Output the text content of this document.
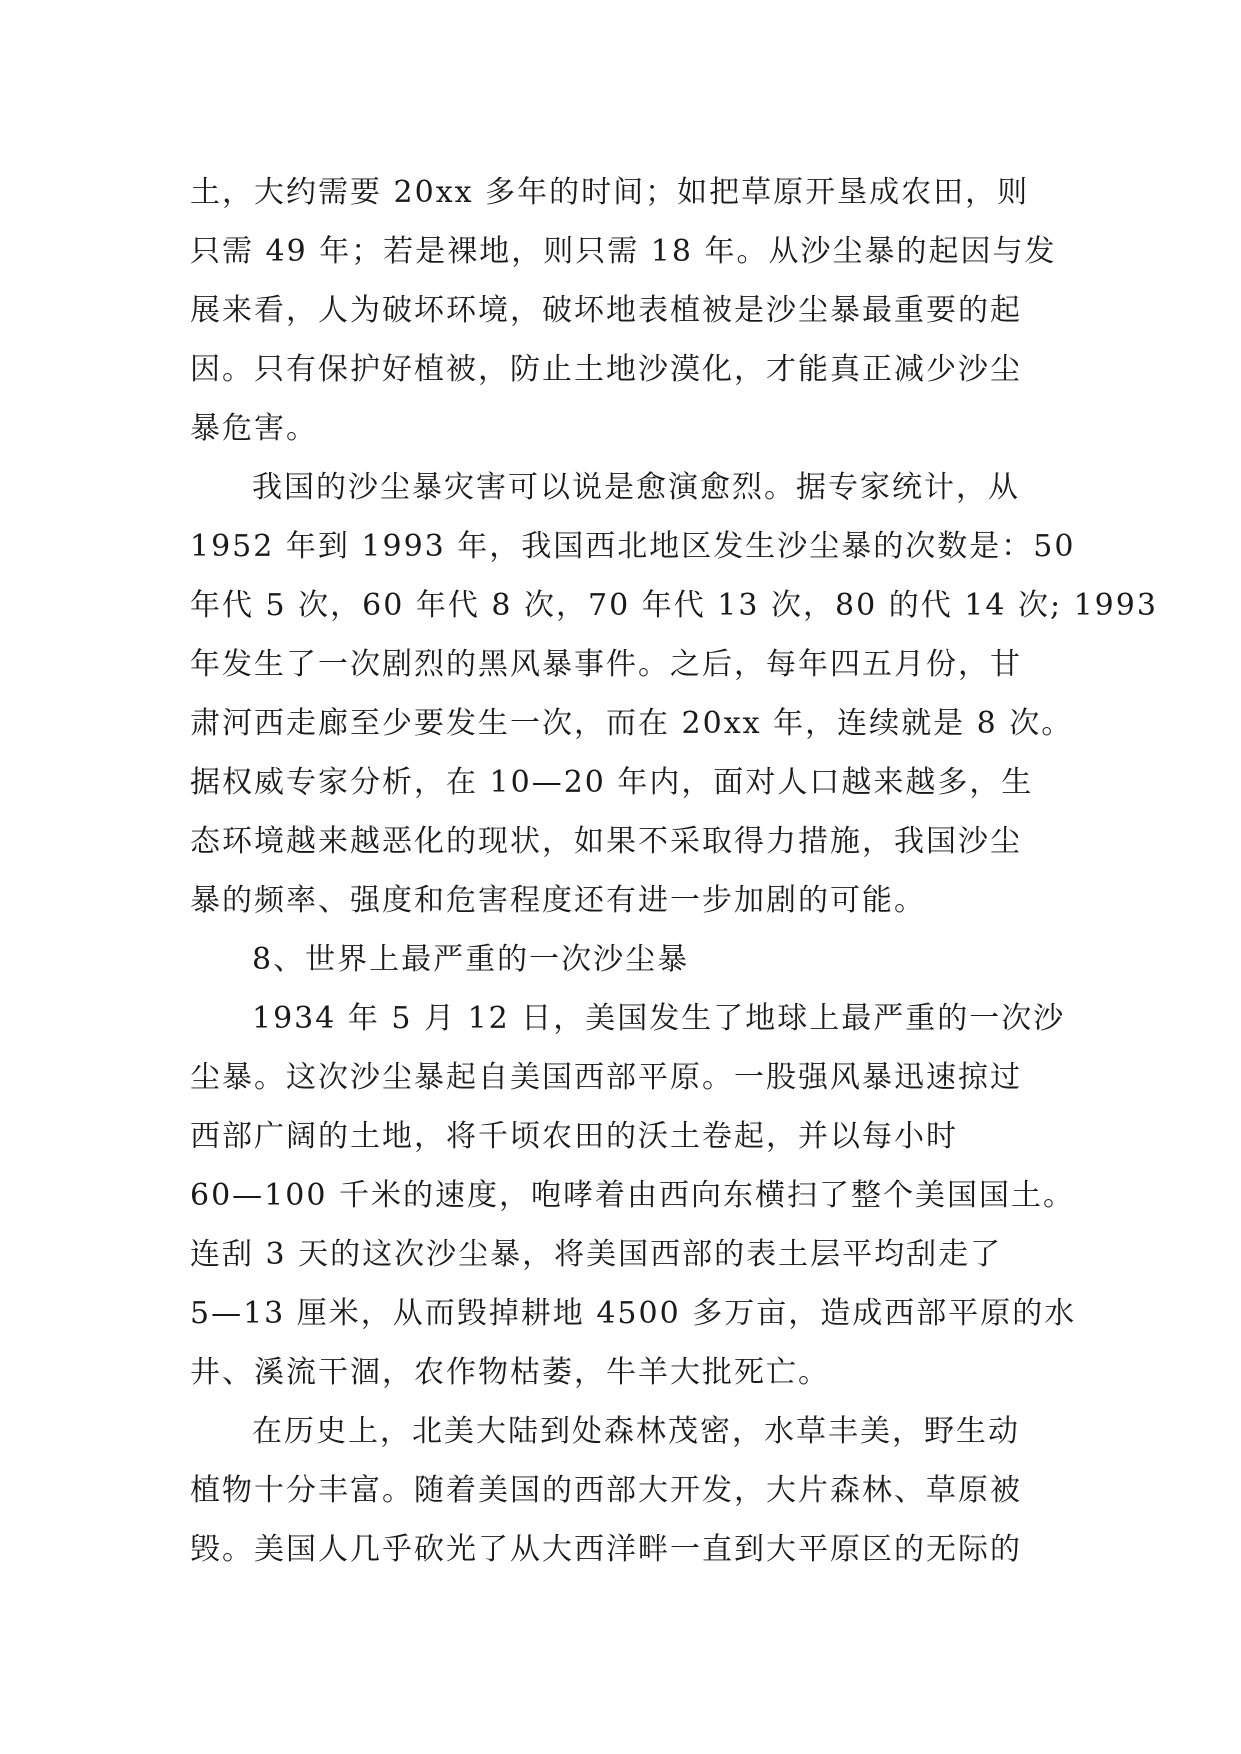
土，大约需要 20xx 多年的时间；如把草原开垦成农田，则
只需 49 年；若是裸地，则只需 18 年。从沙尘暴的起因与发
展来看，人为破坏环境，破坏地表植被是沙尘暴最重要的起
因。只有保护好植被，防止土地沙漠化，才能真正减少沙尘
暴危害。
我国的沙尘暴灾害可以说是愈演愈烈。据专家统计，从
1952 年到 1993 年，我国西北地区发生沙尘暴的次数是：50
年代 5 次，60 年代 8 次，70 年代 13 次，80 的代 14 次; 1993
年发生了一次剧烈的黑风暴事件。之后，每年四五月份，甘
肃河西走廊至少要发生一次，而在 20xx 年，连续就是 8 次。
据权威专家分析，在 10—20 年内，面对人口越来越多，生
态环境越来越恶化的现状，如果不采取得力措施，我国沙尘
暴的频率、强度和危害程度还有进一步加剧的可能。
8、世界上最严重的一次沙尘暴
1934 年 5 月 12 日，美国发生了地球上最严重的一次沙
尘暴。这次沙尘暴起自美国西部平原。一股强风暴迅速掠过
西部广阔的土地，将千顷农田的沃土卷起，并以每小时
60—100 千米的速度，咆哮着由西向东横扫了整个美国国土。
连刮 3 天的这次沙尘暴，将美国西部的表土层平均刮走了
5—13 厘米，从而毁掉耕地 4500 多万亩，造成西部平原的水
井、溪流干涸，农作物枯萎，牛羊大批死亡。
在历史上，北美大陆到处森林茂密，水草丰美，野生动
植物十分丰富。随着美国的西部大开发，大片森林、草原被
毁。美国人几乎砍光了从大西洋畔一直到大平原区的无际的
